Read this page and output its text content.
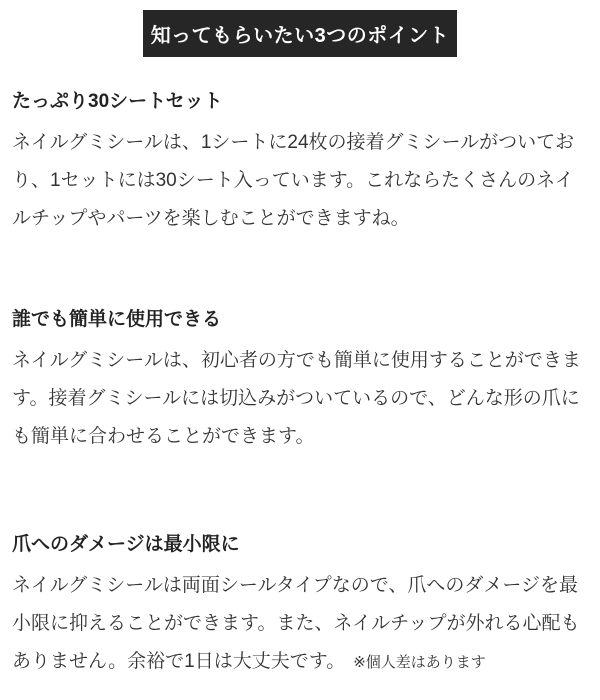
知ってもらいたい3つのポイント
たっぷり30シートセット

ネイルグミシールは、1シートに24枚の接着グミシールがついており、1セットには30シート入っています。これならたくさんのネイルチップやパーツを楽しむことができますね。

誰でも簡単に使用できる

ネイルグミシールは、初心者の方でも簡単に使用することができます。接着グミシールには切込みがついているので、どんな形の爪にも簡単に合わせることができます。

爪へのダメージは最小限に

ネイルグミシールは両面シールタイプなので、爪へのダメージを最小限に抑えることができます。また、ネイルチップが外れる心配もありません。余裕で1日は大丈夫です。 ※個人差はあります
